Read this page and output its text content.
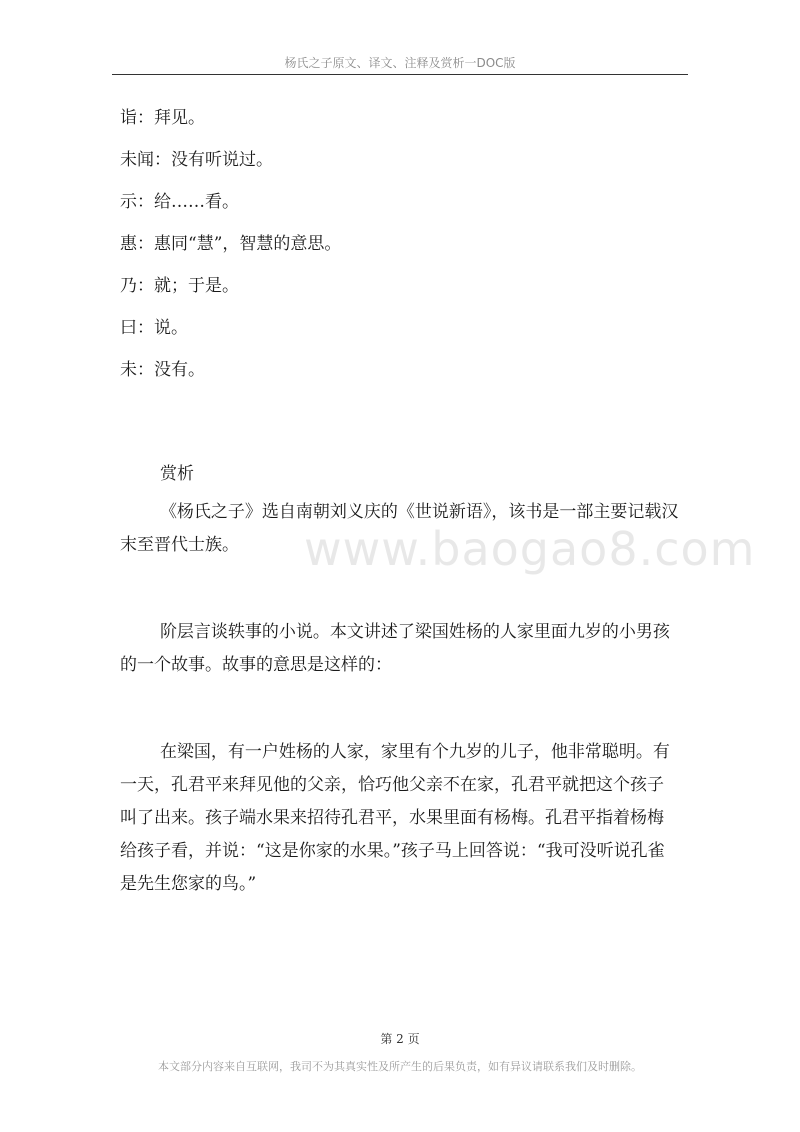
杨氏之子原文、译文、注释及赏析一DOC版
www.baogao8.com

诣：拜见。

未闻：没有听说过。

示：给……看。

惠：惠同“慧”，智慧的意思。

乃：就；于是。

曰：说。

未：没有。

赏析

《杨氏之子》选自南朝刘义庆的《世说新语》，该书是一部主要记载汉末至晋代士族。

阶层言谈轶事的小说。本文讲述了梁国姓杨的人家里面九岁的小男孩的一个故事。故事的意思是这样的：

在梁国，有一户姓杨的人家，家里有个九岁的儿子，他非常聪明。有一天，孔君平来拜见他的父亲，恰巧他父亲不在家，孔君平就把这个孩子叫了出来。孩子端水果来招待孔君平，水果里面有杨梅。孔君平指着杨梅给孩子看，并说：“这是你家的水果。”孩子马上回答说：“我可没听说孔雀是先生您家的鸟。”

第 2 页
本文部分内容来自互联网，我司不为其真实性及所产生的后果负责，如有异议请联系我们及时删除。
